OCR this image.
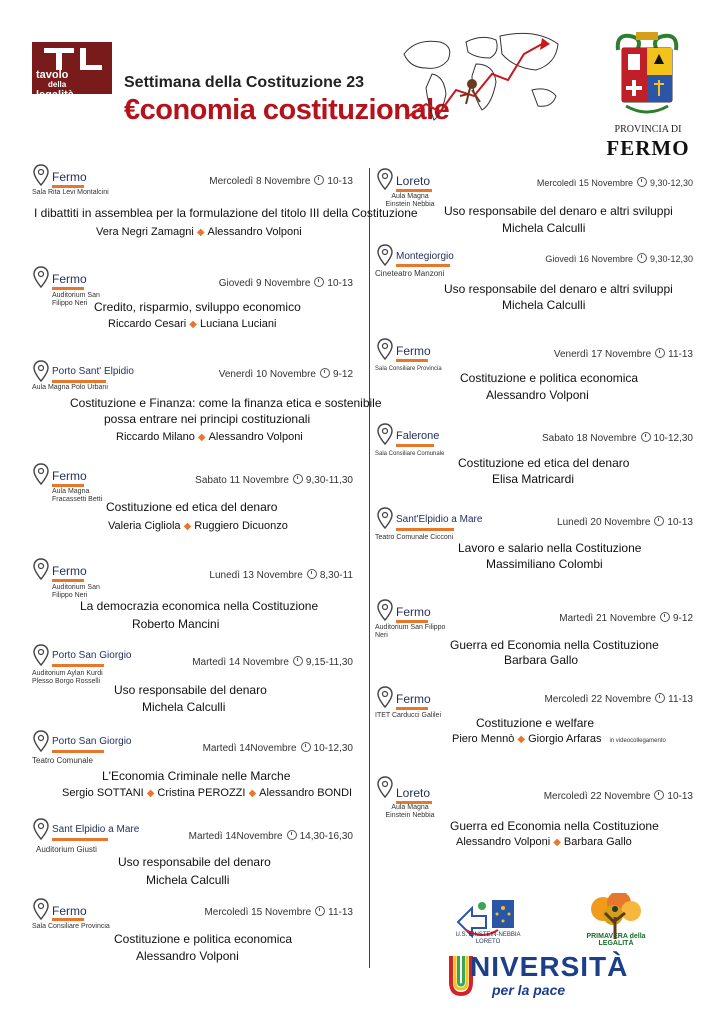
tavolo
della
legalità
Settimana della Costituzione 23
€conomia costituzionale
PROVINCIA DI
FERMO
Fermo
Sala Rita Levi Montalcini
Mercoledì 8 Novembre 10-13
I dibattiti in assemblea per la formulazione del titolo III della Costituzione
Vera Negri Zamagni ◆ Alessandro Volponi
Fermo
Auditorium San Filippo Neri
Giovedì 9 Novembre 10-13
Credito, risparmio, sviluppo economico
Riccardo Cesari ◆ Luciana Luciani
Porto Sant' Elpidio
Aula Magna Polo Urbani
Venerdì 10 Novembre 9-12
Costituzione e Finanza: come la finanza etica e sostenibile
possa entrare nei principi costituzionali
Riccardo Milano ◆ Alessandro Volponi
Fermo
Aula Magna Fracassetti Betti
Sabato 11 Novembre 9,30-11,30
Costituzione ed etica del denaro
Valeria Cigliola ◆ Ruggiero Dicuonzo
Fermo
Auditorium San Filippo Neri
Lunedì 13 Novembre 8,30-11
La democrazia economica nella Costituzione
Roberto Mancini
Porto San Giorgio
Auditorium Aylan Kurdi Plesso Borgo Rosselli
Martedì 14 Novembre 9,15-11,30
Uso responsabile del denaro
Michela Calculli
Porto San Giorgio
Teatro Comunale
Martedì 14Novembre 10-12,30
L'Economia Criminale nelle Marche
Sergio SOTTANI ◆ Cristina PEROZZI ◆ Alessandro BONDI
Sant Elpidio a Mare
Auditorium Giusti
Martedì 14Novembre 14,30-16,30
Uso responsabile del denaro
Michela Calculli
Fermo
Sala Consiliare Provincia
Mercoledì 15 Novembre 11-13
Costituzione e politica economica
Alessandro Volponi
Loreto
Aula Magna Einstein Nebbia
Mercoledì 15 Novembre 9,30-12,30
Uso responsabile del denaro e altri sviluppi
Michela Calculli
Montegiorgio
Cineteatro Manzoni
Giovedì 16 Novembre 9,30-12,30
Uso responsabile del denaro e altri sviluppi
Michela Calculli
Fermo
Sala Consiliare Provincia
Venerdì 17 Novembre 11-13
Costituzione e politica economica
Alessandro Volponi
Falerone
Sala Consiliare Comunale
Sabato 18 Novembre 10-12,30
Costituzione ed etica del denaro
Elisa Matricardi
Sant'Elpidio a Mare
Teatro Comunale Cicconi
Lunedì 20 Novembre 10-13
Lavoro e salario nella Costituzione
Massimiliano Colombi
Fermo
Auditorium San Filippo Neri
Martedì 21 Novembre 9-12
Guerra ed Economia nella Costituzione
Barbara Gallo
Fermo
ITET Carducci Galilei
Mercoledì 22 Novembre 11-13
Costituzione e welfare
Piero Mennò ◆ Giorgio Arfaras in videocollegamento
Loreto
Aula Magna Einstein Nebbia
Mercoledì 22 Novembre 10-13
Guerra ed Economia nella Costituzione
Alessandro Volponi ◆ Barbara Gallo
U.S. EINSTEIN-NEBBIA LORETO
PRIMAVERA della LEGALITÀ
NIVERSITÀ
per la pace
